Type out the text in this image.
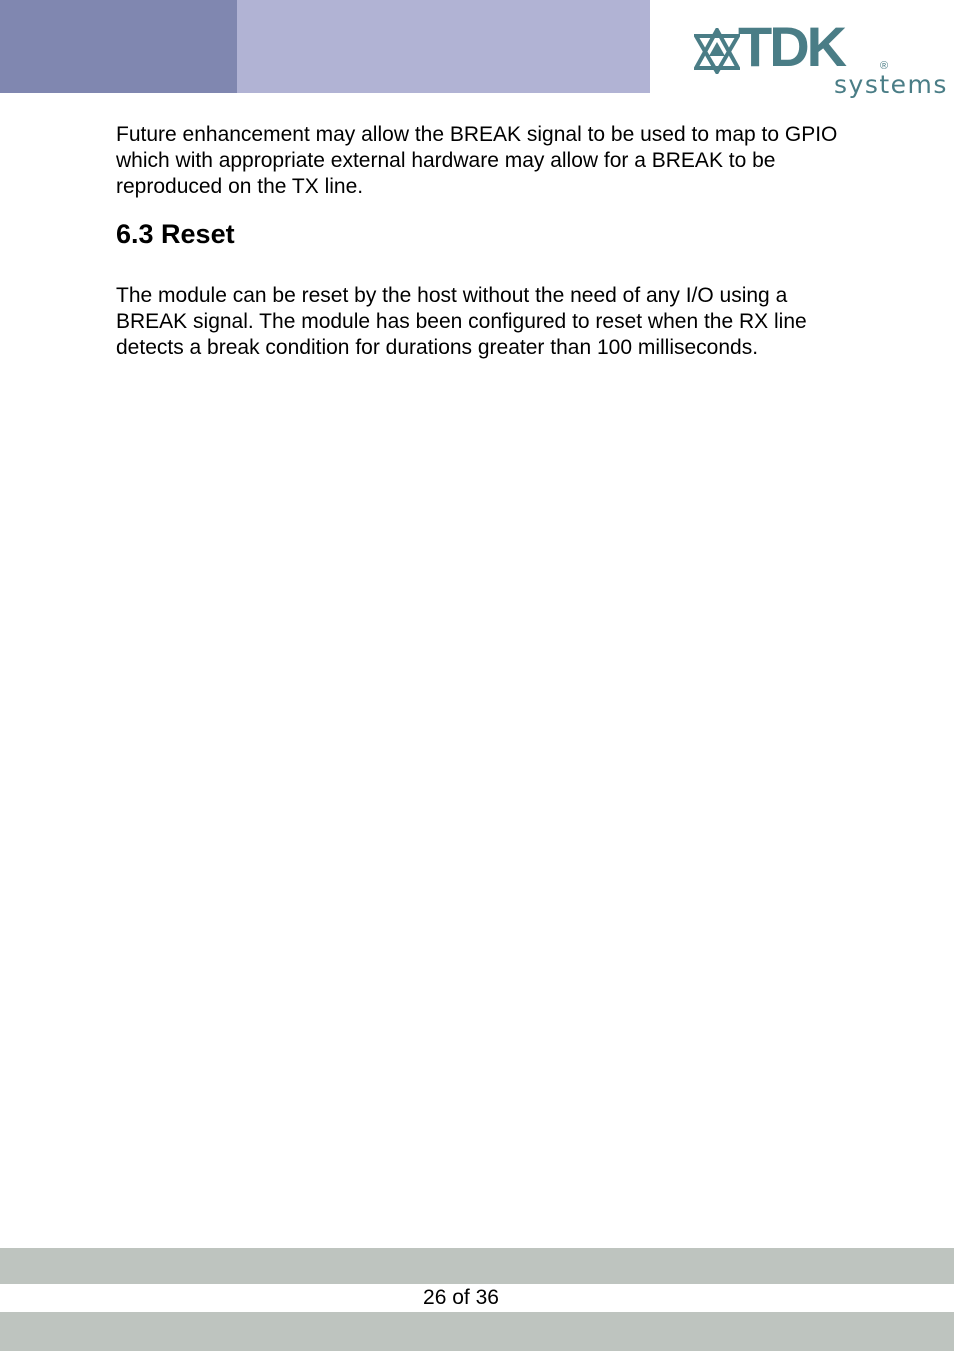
TDK	®
systems

Future enhancement may allow the BREAK signal to be used to map to GPIO which with appropriate external hardware may allow for a BREAK to be reproduced on the TX line.

6.3 Reset

The module can be reset by the host without the need of any I/O using a BREAK signal. The module has been configured to reset when the RX line detects a break condition for durations greater than 100 milliseconds.

26 of 36
